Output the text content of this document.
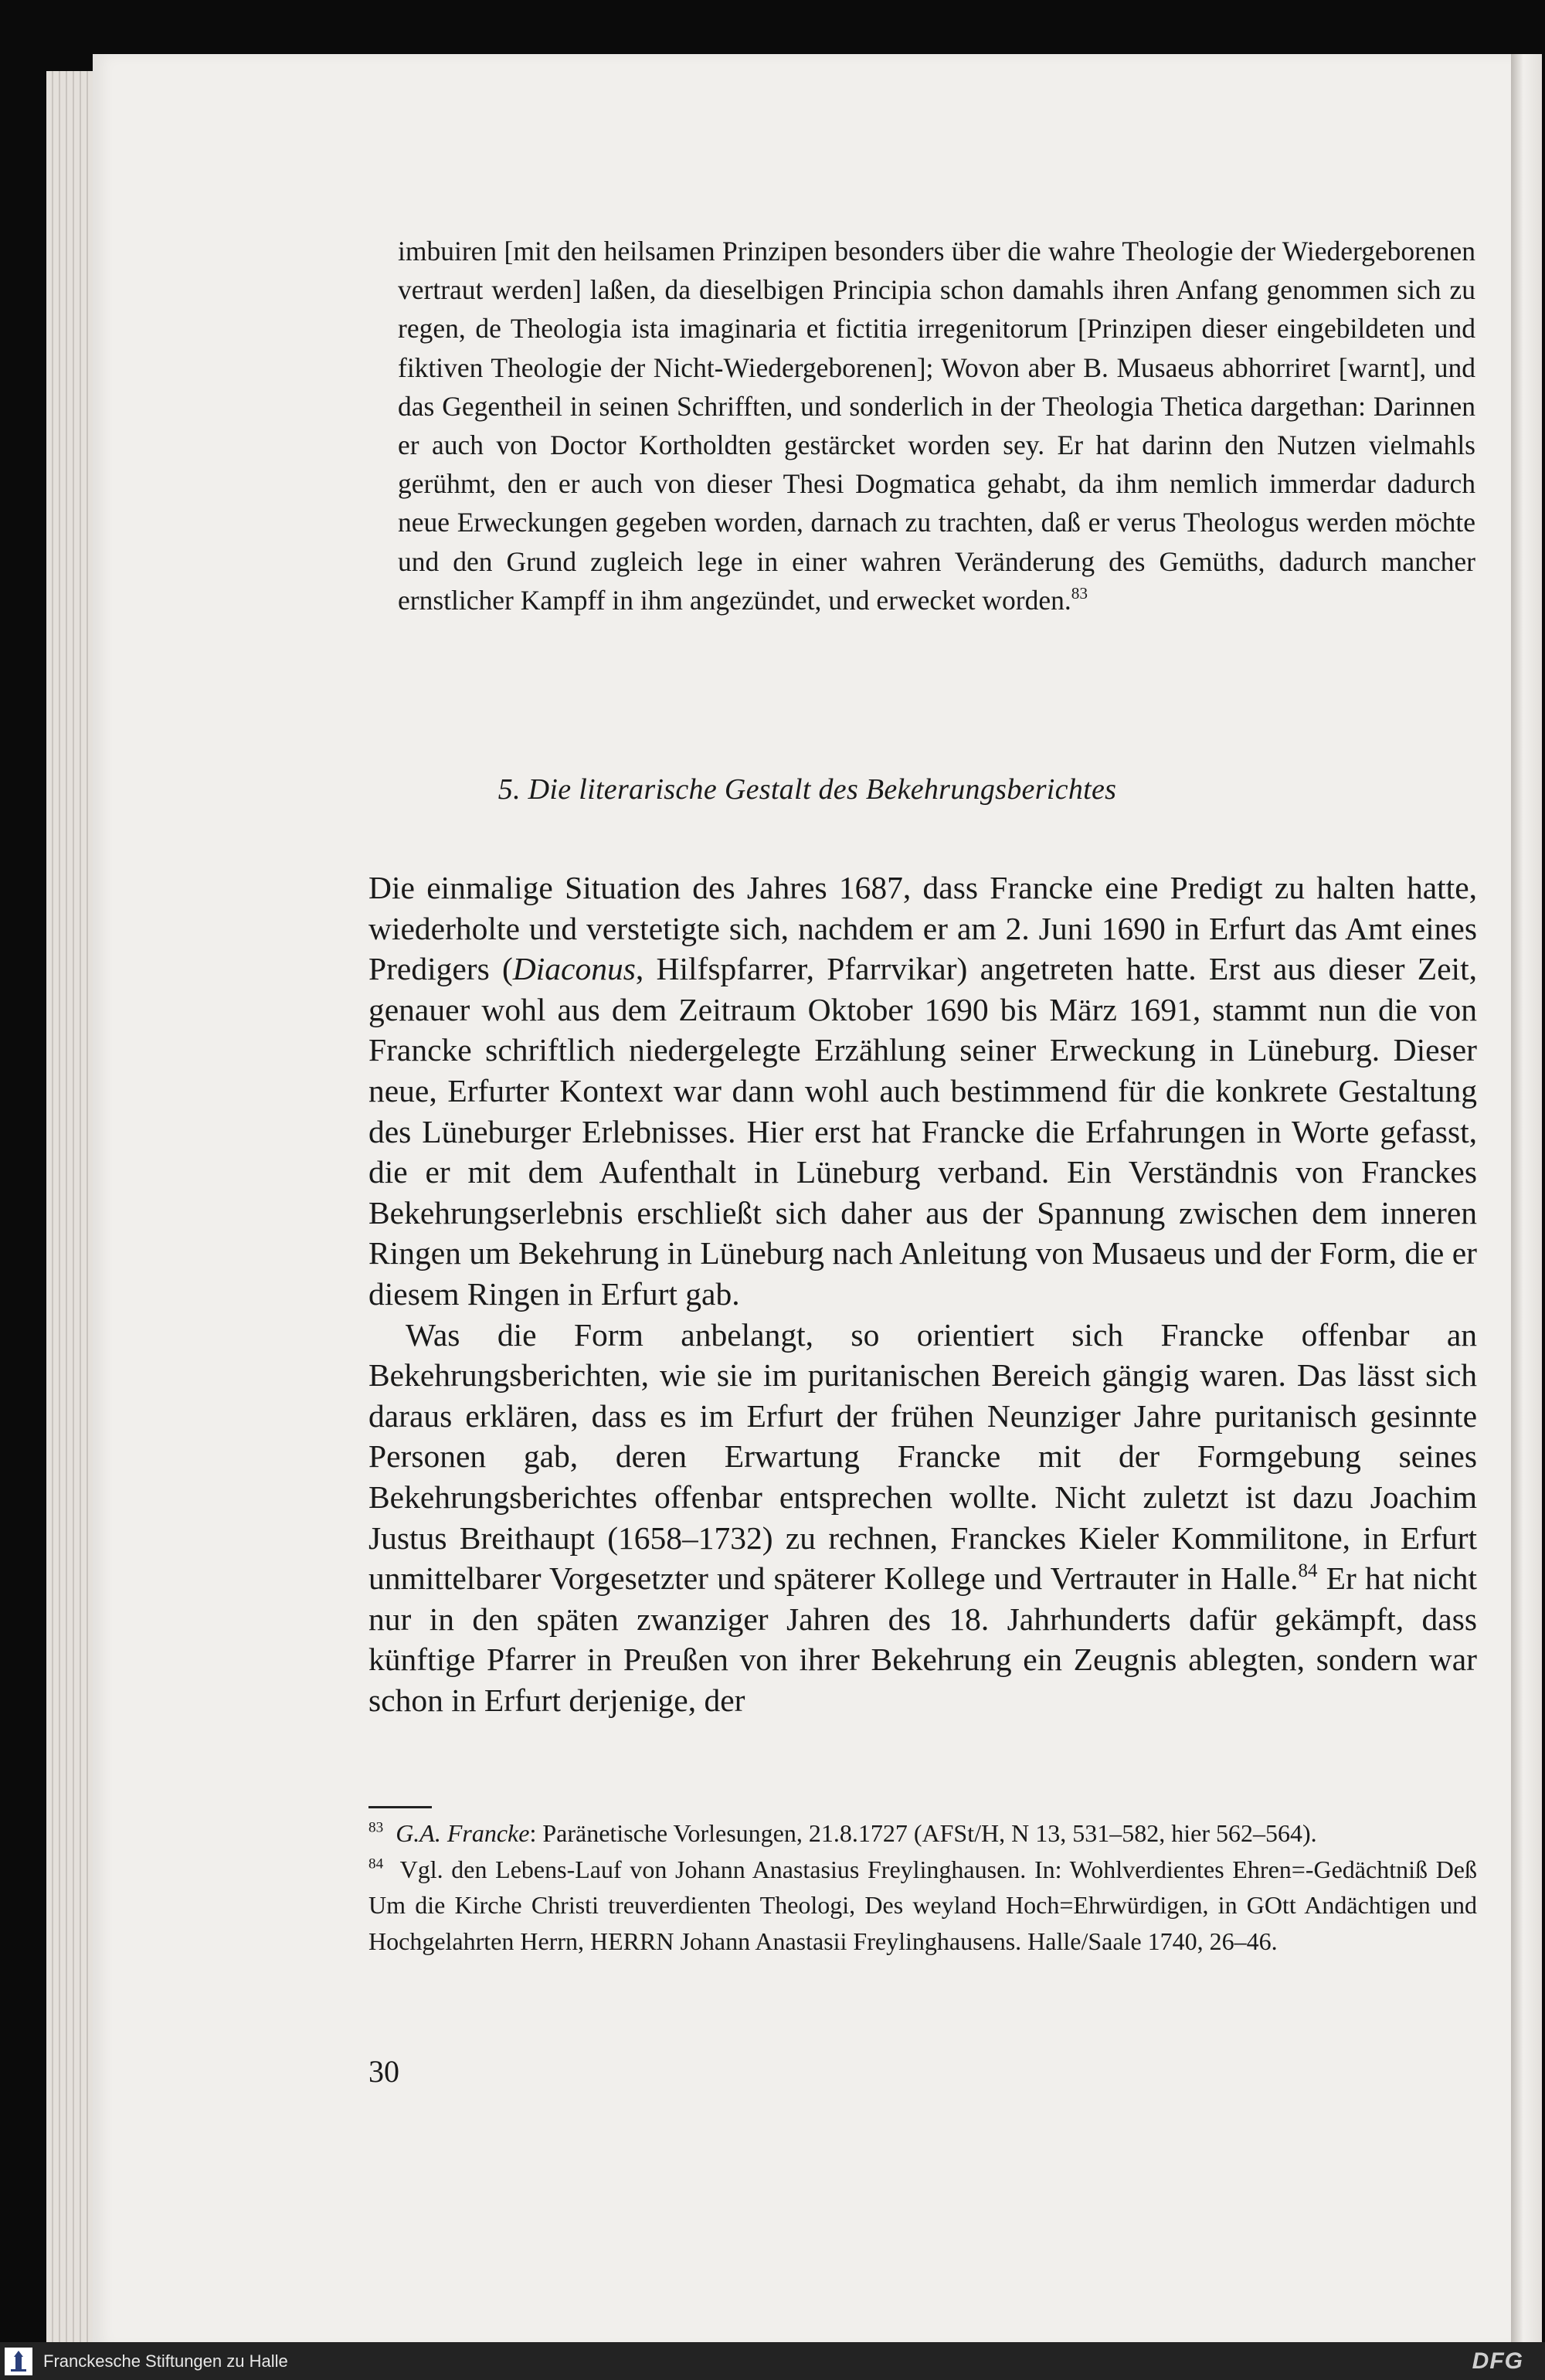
imbuiren [mit den heilsamen Prinzipen besonders über die wahre Theologie der Wiedergeborenen vertraut werden] laßen, da dieselbigen Principia schon damahls ihren Anfang genommen sich zu regen, de Theologia ista imaginaria et fictitia irregenitorum [Prinzipen dieser eingebildeten und fiktiven Theologie der Nicht-Wiedergeborenen]; Wovon aber B. Musaeus abhorriret [warnt], und das Gegentheil in seinen Schrifften, und sonderlich in der Theologia Thetica dargethan: Darinnen er auch von Doctor Kortholdten gestärcket worden sey. Er hat darinn den Nutzen vielmahls gerühmt, den er auch von dieser Thesi Dogmatica gehabt, da ihm nemlich immerdar dadurch neue Erweckungen gegeben worden, darnach zu trachten, daß er verus Theologus werden möchte und den Grund zugleich lege in einer wahren Veränderung des Gemüths, dadurch mancher ernstlicher Kampff in ihm angezündet, und erwecket worden.$^{83}$
5. Die literarische Gestalt des Bekehrungsberichtes

Die einmalige Situation des Jahres 1687, dass Francke eine Predigt zu halten hatte, wiederholte und verstetigte sich, nachdem er am 2. Juni 1690 in Erfurt das Amt eines Predigers (Diaconus, Hilfspfarrer, Pfarrvikar) angetreten hatte. Erst aus dieser Zeit, genauer wohl aus dem Zeitraum Oktober 1690 bis März 1691, stammt nun die von Francke schriftlich niedergelegte Erzählung seiner Erweckung in Lüneburg. Dieser neue, Erfurter Kontext war dann wohl auch bestimmend für die konkrete Gestaltung des Lüneburger Erlebnisses. Hier erst hat Francke die Erfahrungen in Worte gefasst, die er mit dem Aufenthalt in Lüneburg verband. Ein Verständnis von Franckes Bekehrungserlebnis erschließt sich daher aus der Spannung zwischen dem inneren Ringen um Bekehrung in Lüneburg nach Anleitung von Musaeus und der Form, die er diesem Ringen in Erfurt gab.

Was die Form anbelangt, so orientiert sich Francke offenbar an Bekehrungsberichten, wie sie im puritanischen Bereich gängig waren. Das lässt sich daraus erklären, dass es im Erfurt der frühen Neunziger Jahre puritanisch gesinnte Personen gab, deren Erwartung Francke mit der Formgebung seines Bekehrungsberichtes offenbar entsprechen wollte. Nicht zuletzt ist dazu Joachim Justus Breithaupt (1658–1732) zu rechnen, Franckes Kieler Kommilitone, in Erfurt unmittelbarer Vorgesetzter und späterer Kollege und Vertrauter in Halle.$^{84}$ Er hat nicht nur in den späten zwanziger Jahren des 18. Jahrhunderts dafür gekämpft, dass künftige Pfarrer in Preußen von ihrer Bekehrung ein Zeugnis ablegten, sondern war schon in Erfurt derjenige, der

$^{83}$ G.A. Francke: Paränetische Vorlesungen, 21.8.1727 (AFSt/H, N 13, 531–582, hier 562–564).

$^{84}$  Vgl. den Lebens-Lauf von Johann Anastasius Freylinghausen. In: Wohlverdientes Ehren=-Gedächtniß Deß Um die Kirche Christi treuverdienten Theologi, Des weyland Hoch=Ehrwürdigen, in GOtt Andächtigen und Hochgelahrten Herrn, HERRN Johann Anastasii Freylinghausens. Halle/Saale 1740, 26–46.

30
Franckesche Stiftungen zu Halle	DFG
